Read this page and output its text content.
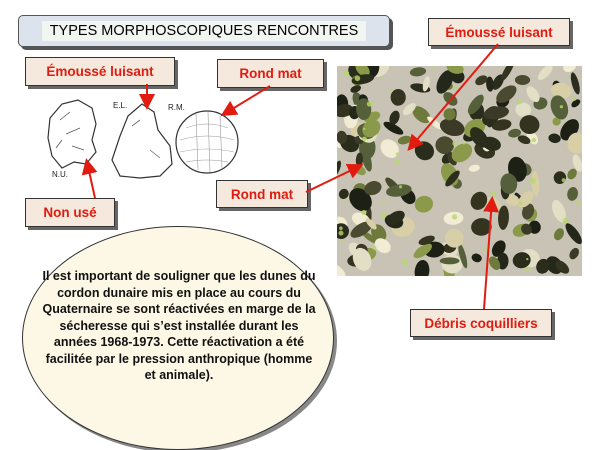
TYPES MORPHOSCOPIQUES RENCONTRES
E.L.	R.M.
N.U.
Émoussé luisant	Rond mat
Non usé
Rond mat
Émoussé luisant
Débris coquilliers
Il est important de souligner que les dunes du cordon dunaire mis en place au cours du Quaternaire se sont réactivées en marge de la sécheresse qui s’est installée durant les années 1968-1973. Cette réactivation a été facilitée par le pression anthropique (homme et animale).
